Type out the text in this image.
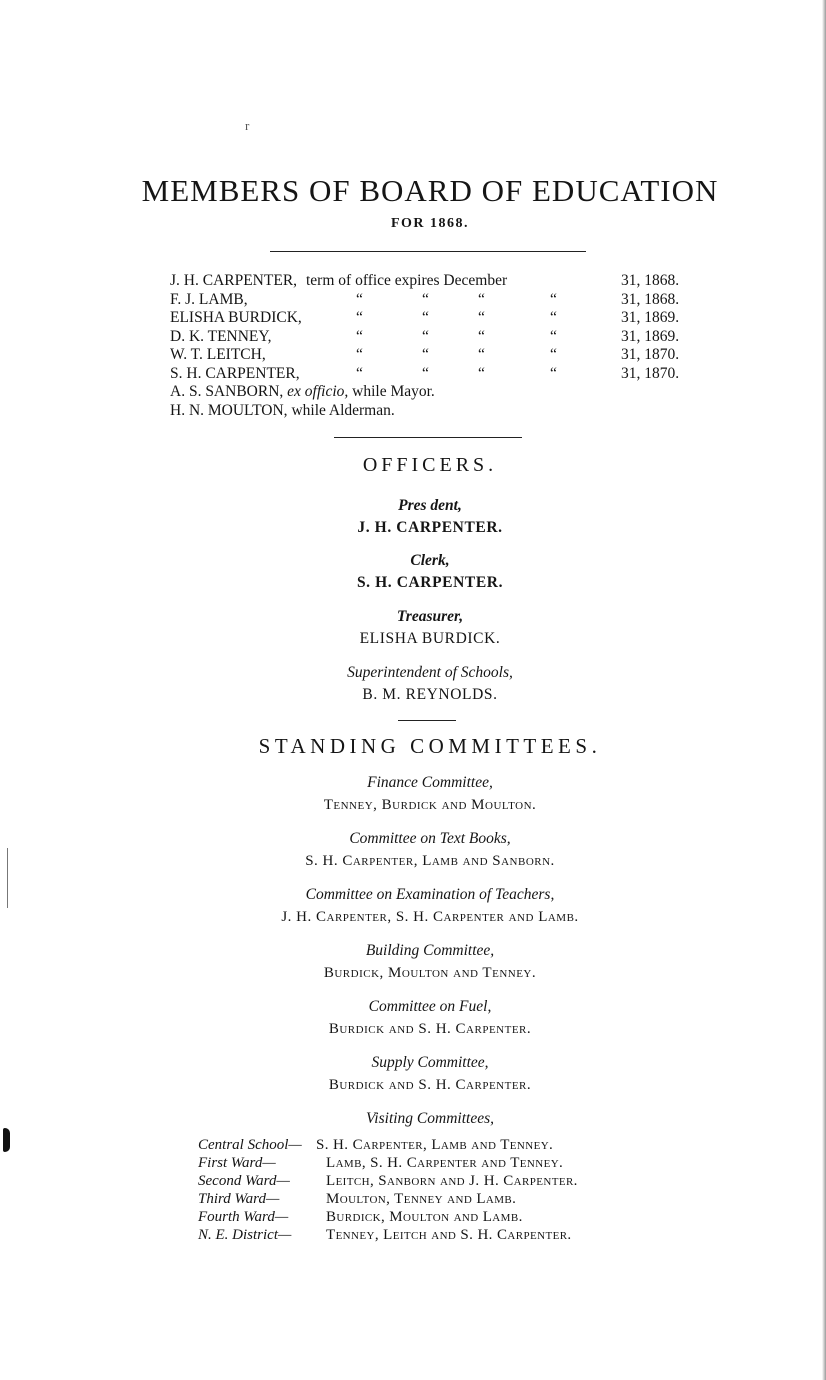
r
MEMBERS OF BOARD OF EDUCATION
FOR 1868.
J. H. CARPENTER, term of office expires December	31, 1868.
F. J. LAMB,	“	“	“	“	31, 1868.
ELISHA BURDICK,	“	“	“	“	31, 1869.
D. K. TENNEY,	“	“	“	“	31, 1869.
W. T. LEITCH,	“	“	“	“	31, 1870.
S. H. CARPENTER,	“	“	“	“	31, 1870.
A. S. SANBORN, ex officio, while Mayor.
H. N. MOULTON, while Alderman.
OFFICERS.
Pres dent,
J. H. CARPENTER.
Clerk,
S. H. CARPENTER.
Treasurer,
ELISHA BURDICK.
Superintendent of Schools,
B. M. REYNOLDS.
STANDING COMMITTEES.
Finance Committee,
Tenney, Burdick and Moulton.
Committee on Text Books,
S. H. Carpenter, Lamb and Sanborn.
Committee on Examination of Teachers,
J. H. Carpenter, S. H. Carpenter and Lamb.
Building Committee,
Burdick, Moulton and Tenney.
Committee on Fuel,
Burdick and S. H. Carpenter.
Supply Committee,
Burdick and S. H. Carpenter.
Visiting Committees,
Central School— S. H. Carpenter, Lamb and Tenney.
First Ward—	Lamb, S. H. Carpenter and Tenney.
Second Ward— Leitch, Sanborn and J. H. Carpenter.
Third Ward—	Moulton, Tenney and Lamb.
Fourth Ward—	Burdick, Moulton and Lamb.
N. E. District— Tenney, Leitch and S. H. Carpenter.
